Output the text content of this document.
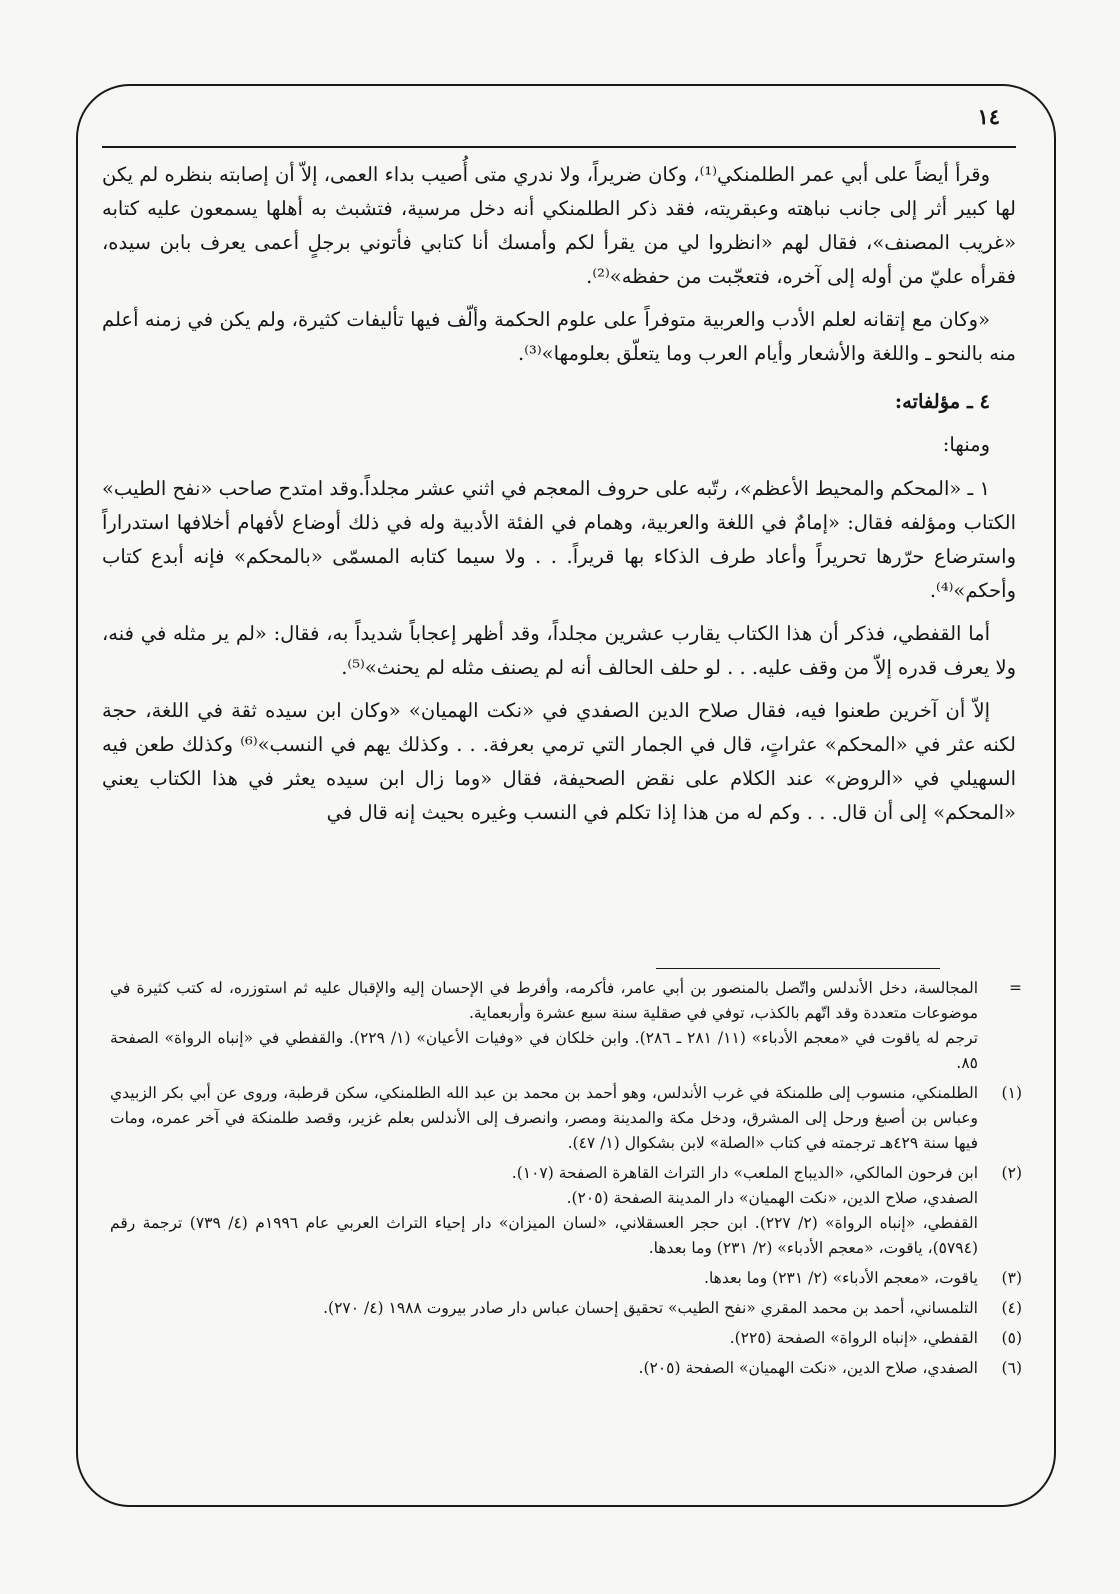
١٤

وقرأ أيضاً على أبي عمر الطلمنكي⁽¹⁾، وكان ضريراً، ولا ندري متى أُصيب بداء العمى، إلاّ أن إصابته بنظره لم يكن لها كبير أثر إلى جانب نباهته وعبقريته، فقد ذكر الطلمنكي أنه دخل مرسية، فتشبث به أهلها يسمعون عليه كتابه «غريب المصنف»، فقال لهم «انظروا لي من يقرأ لكم وأمسك أنا كتابي فأتوني برجلٍ أعمى يعرف بابن سيده، فقرأه عليّ من أوله إلى آخره، فتعجّبت من حفظه»⁽²⁾.

«وكان مع إتقانه لعلم الأدب والعربية متوفراً على علوم الحكمة وألّف فيها تأليفات كثيرة، ولم يكن في زمنه أعلم منه بالنحو ـ واللغة والأشعار وأيام العرب وما يتعلّق بعلومها»⁽³⁾.

٤ ـ مؤلفاته:

ومنها:

١ ـ «المحكم والمحيط الأعظم»، رتّبه على حروف المعجم في اثني عشر مجلداً.وقد امتدح صاحب «نفح الطيب» الكتاب ومؤلفه فقال: «إمامٌ في اللغة والعربية، وهمام في الفئة الأدبية وله في ذلك أوضاع لأفهام أخلافها استدراراً واسترضاع حرّرها تحريراً وأعاد طرف الذكاء بها قريراً. . . ولا سيما كتابه المسمّى «بالمحكم» فإنه أبدع كتاب وأحكم»⁽⁴⁾.

أما القفطي، فذكر أن هذا الكتاب يقارب عشرين مجلداً، وقد أظهر إعجاباً شديداً به، فقال: «لم ير مثله في فنه، ولا يعرف قدره إلاّ من وقف عليه. . . لو حلف الحالف أنه لم يصنف مثله لم يحنث»⁽⁵⁾.

إلاّ أن آخرين طعنوا فيه، فقال صلاح الدين الصفدي في «نكت الهميان» «وكان ابن سيده ثقة في اللغة، حجة لكنه عثر في «المحكم» عثراتٍ، قال في الجمار التي ترمي بعرفة. . . وكذلك يهم في النسب»⁽⁶⁾ وكذلك طعن فيه السهيلي في «الروض» عند الكلام على نقض الصحيفة، فقال «وما زال ابن سيده يعثر في هذا الكتاب يعني «المحكم» إلى أن قال. . . وكم له من هذا إذا تكلم في النسب وغيره بحيث إنه قال في

=
المجالسة، دخل الأندلس واتّصل بالمنصور بن أبي عامر، فأكرمه، وأفرط في الإحسان إليه والإقبال عليه ثم استوزره، له كتب كثيرة في موضوعات متعددة وقد اتّهم بالكذب، توفي في صقلية سنة سبع عشرة وأربعماية.
ترجم له ياقوت في «معجم الأدباء» (١١/ ٢٨١ ـ ٢٨٦). وابن خلكان في «وفيات الأعيان» (١/ ٢٢٩). والقفطي في «إنباه الرواة» الصفحة ٨٥.
(١)
الطلمنكي، منسوب إلى طلمنكة في غرب الأندلس، وهو أحمد بن محمد بن عبد الله الطلمنكي، سكن قرطبة، وروى عن أبي بكر الزبيدي وعباس بن أصبغ ورحل إلى المشرق، ودخل مكة والمدينة ومصر، وانصرف إلى الأندلس بعلم غزير، وقصد طلمنكة في آخر عمره، ومات فيها سنة ٤٢٩هـ ترجمته في كتاب «الصلة» لابن بشكوال (١/ ٤٧).
(٢)
ابن فرحون المالكي، «الديباج الملعب» دار التراث القاهرة الصفحة (١٠٧).
الصفدي، صلاح الدين، «نكت الهميان» دار المدينة الصفحة (٢٠٥).
القفطي، «إنباه الرواة» (٢/ ٢٢٧). ابن حجر العسقلاني، «لسان الميزان» دار إحياء التراث العربي عام ١٩٩٦م (٤/ ٧٣٩) ترجمة رقم (٥٧٩٤)، ياقوت، «معجم الأدباء» (٢/ ٢٣١) وما بعدها.
(٣)
ياقوت، «معجم الأدباء» (٢/ ٢٣١) وما بعدها.
(٤)
التلمساني، أحمد بن محمد المقري «نفح الطيب» تحقيق إحسان عباس دار صادر بيروت ١٩٨٨ (٤/ ٢٧٠).
(٥)
القفطي، «إنباه الرواة» الصفحة (٢٢٥).
(٦)
الصفدي، صلاح الدين، «نكت الهميان» الصفحة (٢٠٥).
